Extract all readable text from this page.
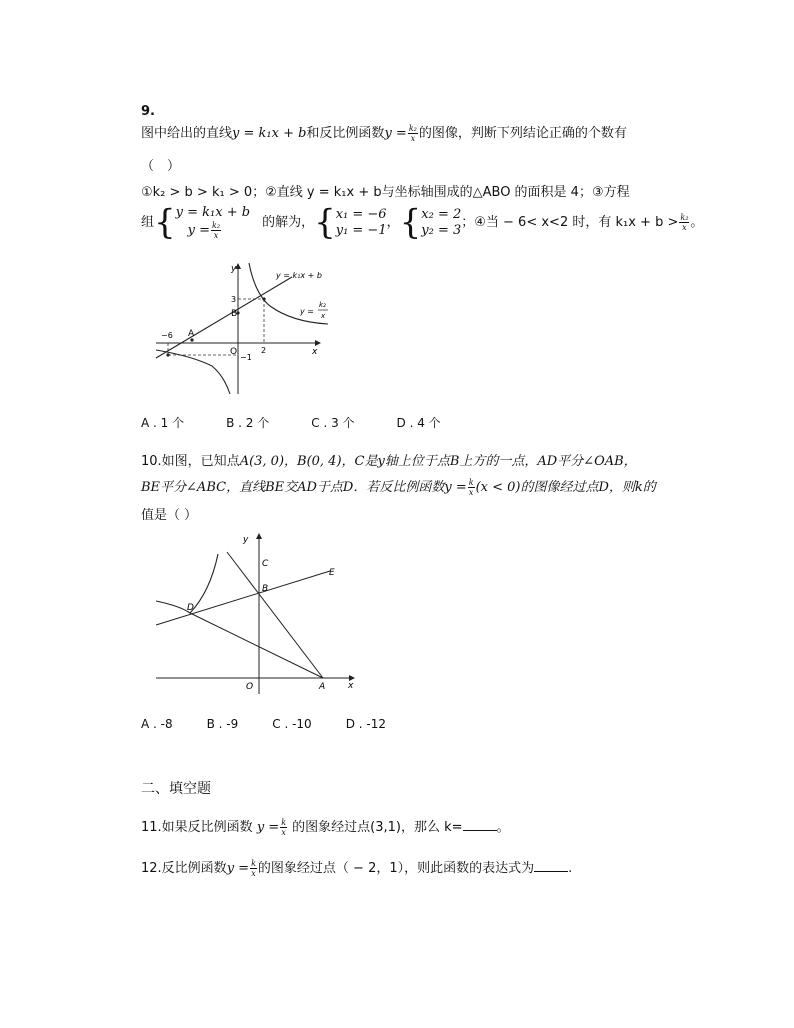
9.
图中给出的直线y = k₁x + b和反比例函数$y = \frac{\text{k₂}}{x}$ 的图像，判断下列结论正确的个数有
（　）
①k₂ > b > k₁ > 0；②直线 y = k₁x + b与坐标轴围成的△ABO 的面积是 4；③方程
组{ y = k₁x + b
$y = \frac{\text{k₂}}{x}$	的解为，{ x₁ = −6
y₁ = −1 ，{ x₂ = 2
y₂ = 3 ；④当 − 6< x<2 时，有 $k_1x + b > \frac{\text{k₂}}{x}$ 。
y
x
O
y = k₁x + b
y =
k₂
x
−6
3
2
−1
A
B
A . 1 个	B . 2 个	C . 3 个	D . 4 个
10.如图，已知点A(3, 0)，B(0, 4)，C是y轴上位于点B上方的一点，AD平分∠OAB，
BE平分∠ABC，直线BE交AD于点D．若反比例函数$y = \frac{k}{x} (x < 0)$的图像经过点D，则k的
值是（ ）
y
x
O	A
B
C
D
E
A . -8	B . -9	C . -10	D . -12
二、填空题
11.如果反比例函数 $y = \frac{k}{x}$ 的图象经过点(3,1)，那么 k=	。
12.反比例函数$y = \frac{k}{x}$ 的图象经过点（ − 2，1），则此函数的表达式为	.
